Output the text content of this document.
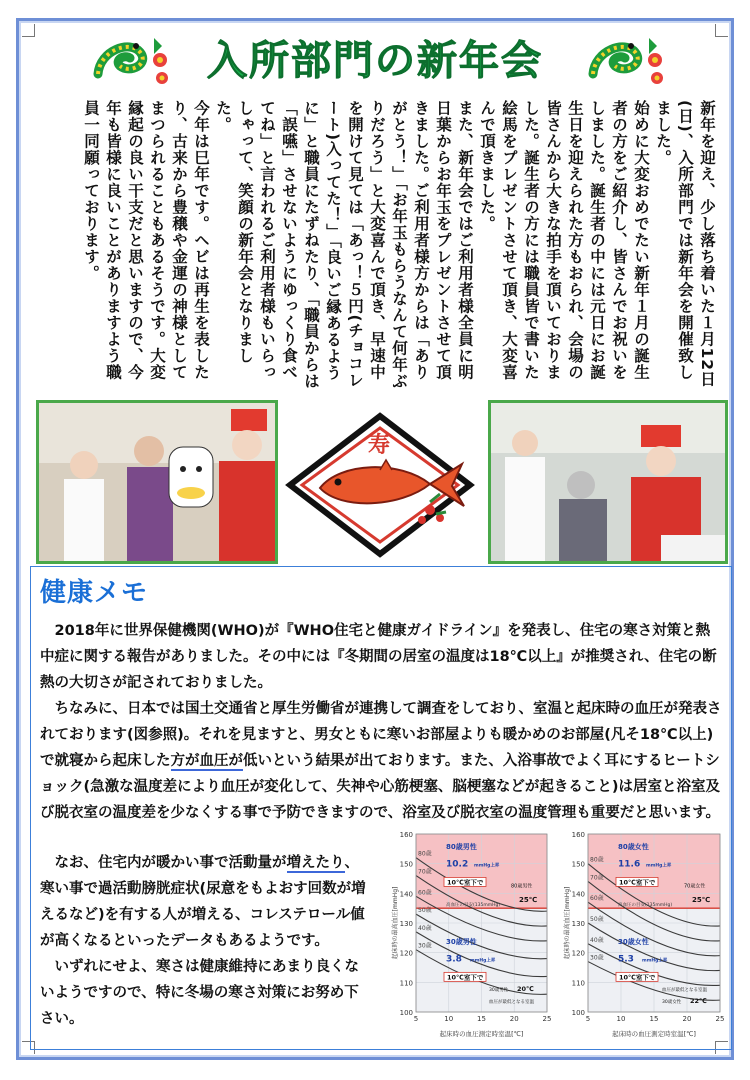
入所部門の新年会

新年を迎え、少し落ち着いた１月12日(日)、入所部門では新年会を開催致しました。

始めに大変おめでたい新年１月の誕生者の方をご紹介し、皆さんでお祝いをしました。誕生者の中には元日にお誕生日を迎えられた方もおられ、会場の皆さんから大きな拍手を頂いておりました。誕生者の方には職員皆で書いた絵馬をプレゼントさせて頂き、大変喜んで頂きました。

また、新年会ではご利用者様全員に明日葉からお年玉をプレゼントさせて頂きました。ご利用者様方からは「ありがとう！」「お年玉もらうなんて何年ぶりだろう」と大変喜んで頂き、早速中を開けて見ては「あっ！５円(チョコレート)入ってた！」「良いご縁あるように」と職員にたずねたり、「職員からは「誤嚥」させないようにゆっくり食べてね」と言われるご利用者様もいらっしゃって、笑顔の新年会となりました。

今年は巳年です。ヘビは再生を表したり、古来から豊穣や金運の神様としてまつられることもあるそうです。大変縁起の良い干支だと思いますので、今年も皆様に良いことがありますよう職員一同願っております。

寿
健康メモ

2018年に世界保健機関(WHO)が『WHO住宅と健康ガイドライン』を発表し、住宅の寒さ対策と熱中症に関する報告がありました。その中には『冬期間の居室の温度は18℃以上』が推奨され、住宅の断熱の大切さが記されておりました。

ちなみに、日本では国土交通省と厚生労働省が連携して調査をしており、室温と起床時の血圧が発表されております(図参照)。それを見ますと、男女ともに寒いお部屋よりも暖かめのお部屋(凡そ18℃以上)で就寝から起床した方が血圧が低いという結果が出ております。また、入浴事故でよく耳にするヒートショック(急激な温度差により血圧が変化して、失神や心筋梗塞、脳梗塞などが起きること)は居室と浴室及び脱衣室の温度差を少なくする事で予防できますので、浴室及び脱衣室の温度管理も重要だと思います。

なお、住宅内が暖かい事で活動量が増えたり、寒い事で過活動膀胱症状(尿意をもよおす回数が増えるなど)を有する人が増える、コレステロール値が高くなるといったデータもあるようです。

いずれにせよ、寒さは健康維持にあまり良くないようですので、特に冬場の寒さ対策にお努め下さい。	100
110
120
130
140
150
160
5	10	15	20	25
高血圧の目安(135mmHg)
80歳
70歳
60歳
50歳
40歳
30歳
80歳男性
10.2 mmHg上昇
10℃室下で	80歳男性
25℃
30歳男性
3.8 mmHg上昇
10℃室下で
30歳男性 20℃
血圧が最低となる室温
起床時の血圧測定時室温[℃]
起床時の最高血圧[mmHg]
100
110
120
130
140
150
160
5	10	15	20	25
高血圧の目安(135mmHg)
80歳
70歳
60歳
50歳
40歳
30歳
80歳女性
11.6 mmHg上昇
10℃室下で	70歳女性
25℃
30歳女性
5.3 mmHg上昇
10℃室下で
血圧が最低となる室温
30歳女性 22℃
起床時の血圧測定時室温[℃]
起床時の最高血圧[mmHg]
